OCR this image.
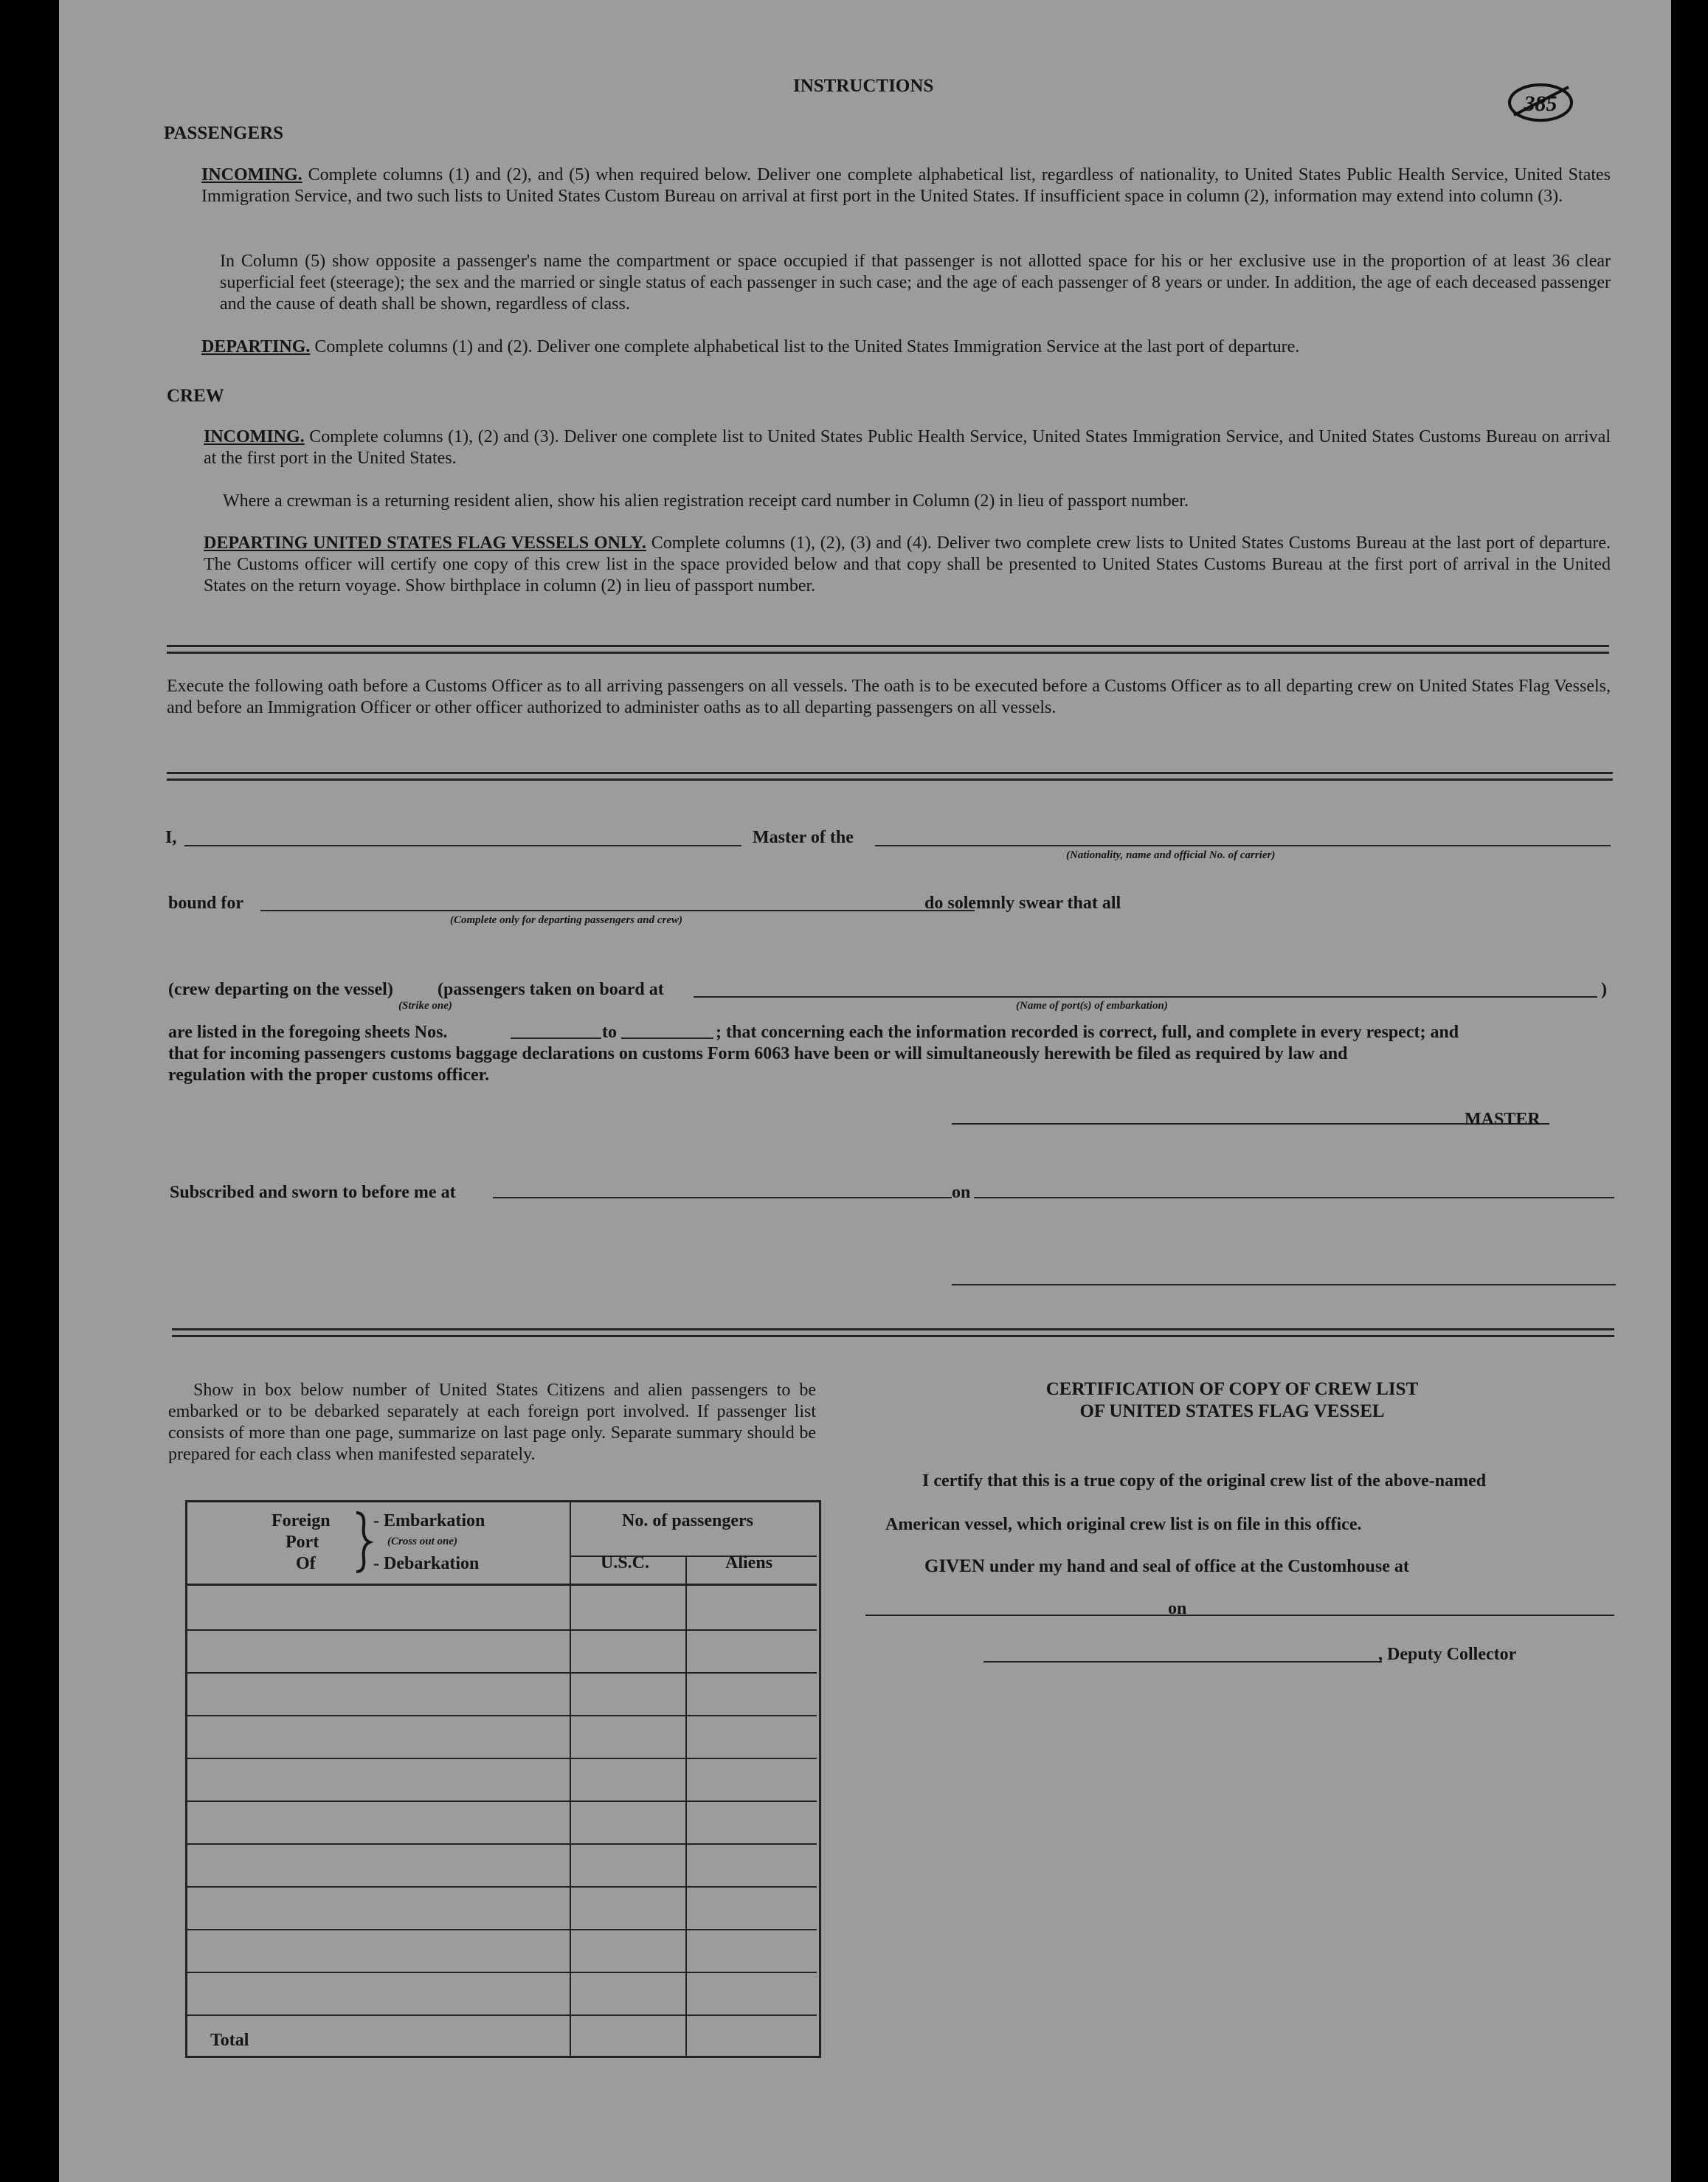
INSTRUCTIONS
385
PASSENGERS
INCOMING. Complete columns (1) and (2), and (5) when required below. Deliver one complete alphabetical list, regardless of nationality, to United States Public Health Service, United States Immigration Service, and two such lists to United States Custom Bureau on arrival at first port in the United States. If insufficient space in column (2), information may extend into column (3).
In Column (5) show opposite a passenger's name the compartment or space occupied if that passenger is not allotted space for his or her exclusive use in the proportion of at least 36 clear superficial feet (steerage); the sex and the married or single status of each passenger in such case; and the age of each passenger of 8 years or under. In addition, the age of each deceased passenger and the cause of death shall be shown, regardless of class.
DEPARTING. Complete columns (1) and (2). Deliver one complete alphabetical list to the United States Immigration Service at the last port of departure.
CREW
INCOMING. Complete columns (1), (2) and (3). Deliver one complete list to United States Public Health Service, United States Immigration Service, and United States Customs Bureau on arrival at the first port in the United States.
Where a crewman is a returning resident alien, show his alien registration receipt card number in Column (2) in lieu of passport number.
DEPARTING UNITED STATES FLAG VESSELS ONLY. Complete columns (1), (2), (3) and (4). Deliver two complete crew lists to United States Customs Bureau at the last port of departure. The Customs officer will certify one copy of this crew list in the space provided below and that copy shall be presented to United States Customs Bureau at the first port of arrival in the United States on the return voyage. Show birthplace in column (2) in lieu of passport number.
Execute the following oath before a Customs Officer as to all arriving passengers on all vessels. The oath is to be executed before a Customs Officer as to all departing crew on United States Flag Vessels, and before an Immigration Officer or other officer authorized to administer oaths as to all departing passengers on all vessels.
I,	Master of the
(Nationality, name and official No. of carrier)
bound for
(Complete only for departing passengers and crew)
do solemnly swear that all
(crew departing on the vessel)	(passengers taken on board at
(Strike one)
)
(Name of port(s) of embarkation)
are listed in the foregoing sheets Nos.	to	; that concerning each the information recorded is correct, full, and complete in every respect; and
that for incoming passengers customs baggage declarations on customs Form 6063 have been or will simultaneously herewith be filed as required by law and
regulation with the proper customs officer.
MASTER
Subscribed and sworn to before me at	on
Show in box below number of United States Citizens and alien passengers to be embarked or to be debarked separately at each foreign port involved. If passenger list consists of more than one page, summarize on last page only. Separate summary should be prepared for each class when manifested separately.
Foreign
Port
Of
- Embarkation
(Cross out one)
- Debarkation
No. of passengers
U.S.C.	Aliens
Total
CERTIFICATION OF COPY OF CREW LIST
OF UNITED STATES FLAG VESSEL
I certify that this is a true copy of the original crew list of the above-named
American vessel, which original crew list is on file in this office.
GIVEN under my hand and seal of office at the Customhouse at
on
, Deputy Collector
